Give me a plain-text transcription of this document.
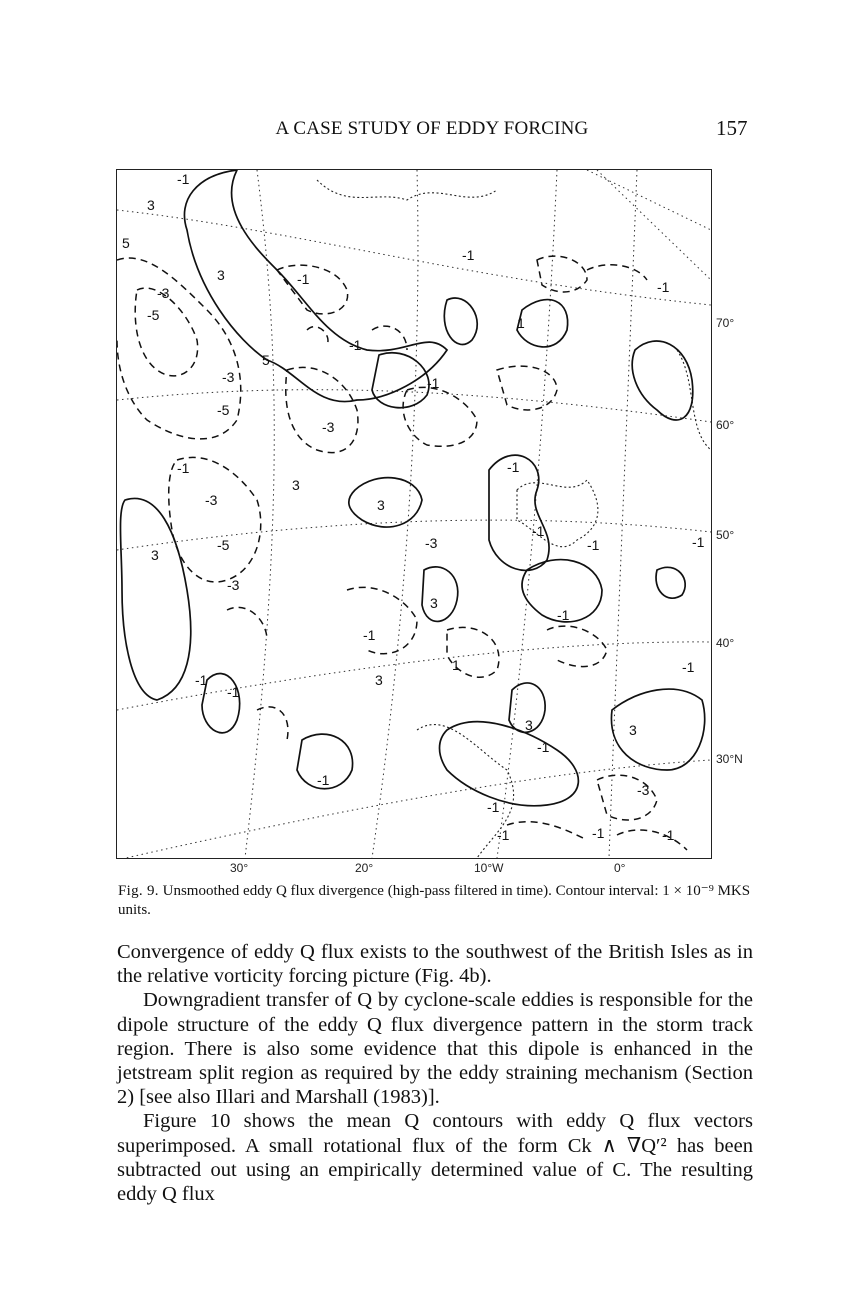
A CASE STUDY OF EDDY FORCING	157
-1
3
-3
5
-5
-1
-1
-3
3
-5
-1
5
3
-1
-3
1
-1	-1
-3
-5
3
-1
3
-1
-3
-1
-1
3
-1
-3
3
-1
-1
1	-1
-1
3
-1
-3
-1
3
-1	-1	-1
-1
70°
60°
50°
40°
30°N
30°	20°	10°W	0°
Fig. 9. Unsmoothed eddy Q flux divergence (high-pass filtered in time). Contour interval: 1 × 10⁻⁹ MKS units.

Convergence of eddy Q flux exists to the southwest of the British Isles as in the relative vorticity forcing picture (Fig. 4b).

Downgradient transfer of Q by cyclone-scale eddies is responsible for the dipole structure of the eddy Q flux divergence pattern in the storm track region. There is also some evidence that this dipole is enhanced in the jetstream split region as required by the eddy straining mechanism (Section 2) [see also Illari and Marshall (1983)].

Figure 10 shows the mean Q contours with eddy Q flux vectors superimposed. A small rotational flux of the form Ck ∧ ∇Q′² has been subtracted out using an empirically determined value of C. The resulting eddy Q flux
